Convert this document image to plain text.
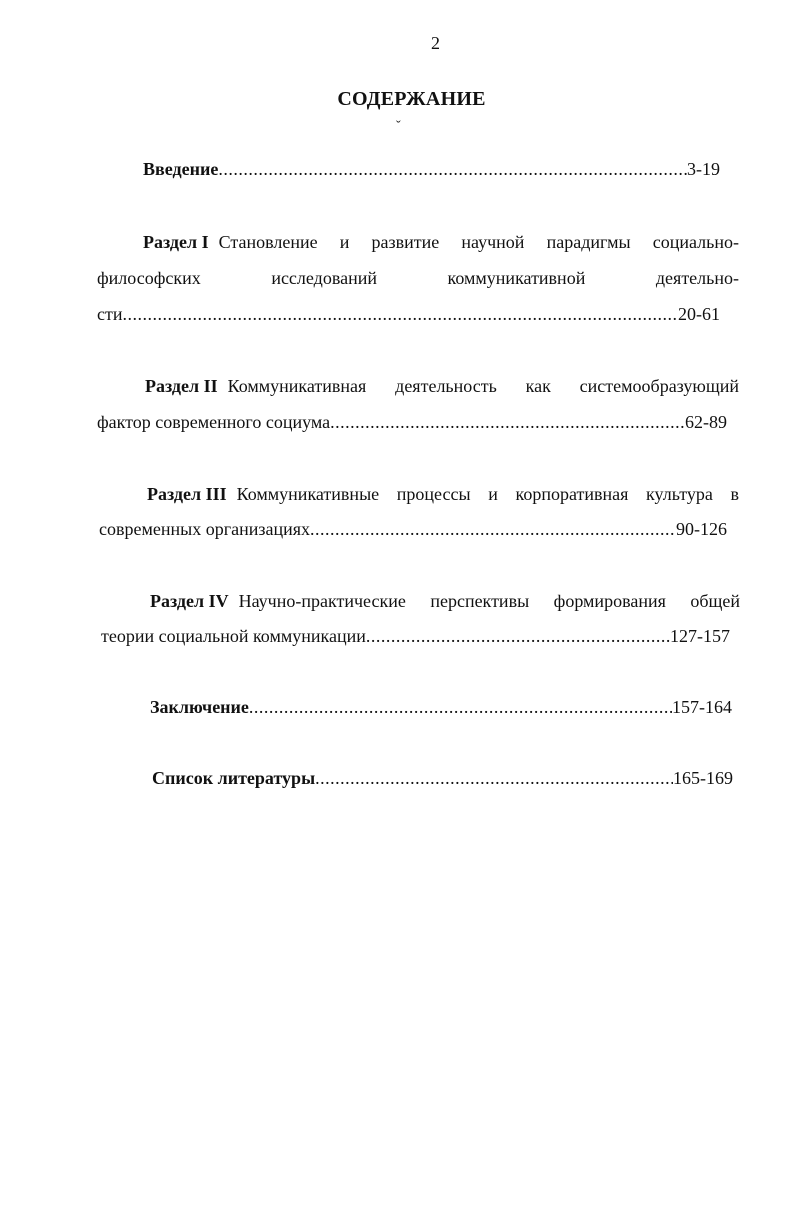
2
СОДЕРЖАНИЕ
ˇ
Введение .....	3-19
Раздел I Становление и развитие научной парадигмы социально-
философских	исследований	коммуникативной	деятельно-
сти .....	20-61
Раздел II Коммуникативная деятельность как системообразующий
фактор современного социума .....	62-89
Раздел III Коммуникативные процессы и корпоративная культура в
современных организациях .....	90-126
Раздел IV Научно-практические перспективы формирования общей
теории социальной коммуникации .....	127-157
Заключение .....	157-164
Список литературы .....	165-169
